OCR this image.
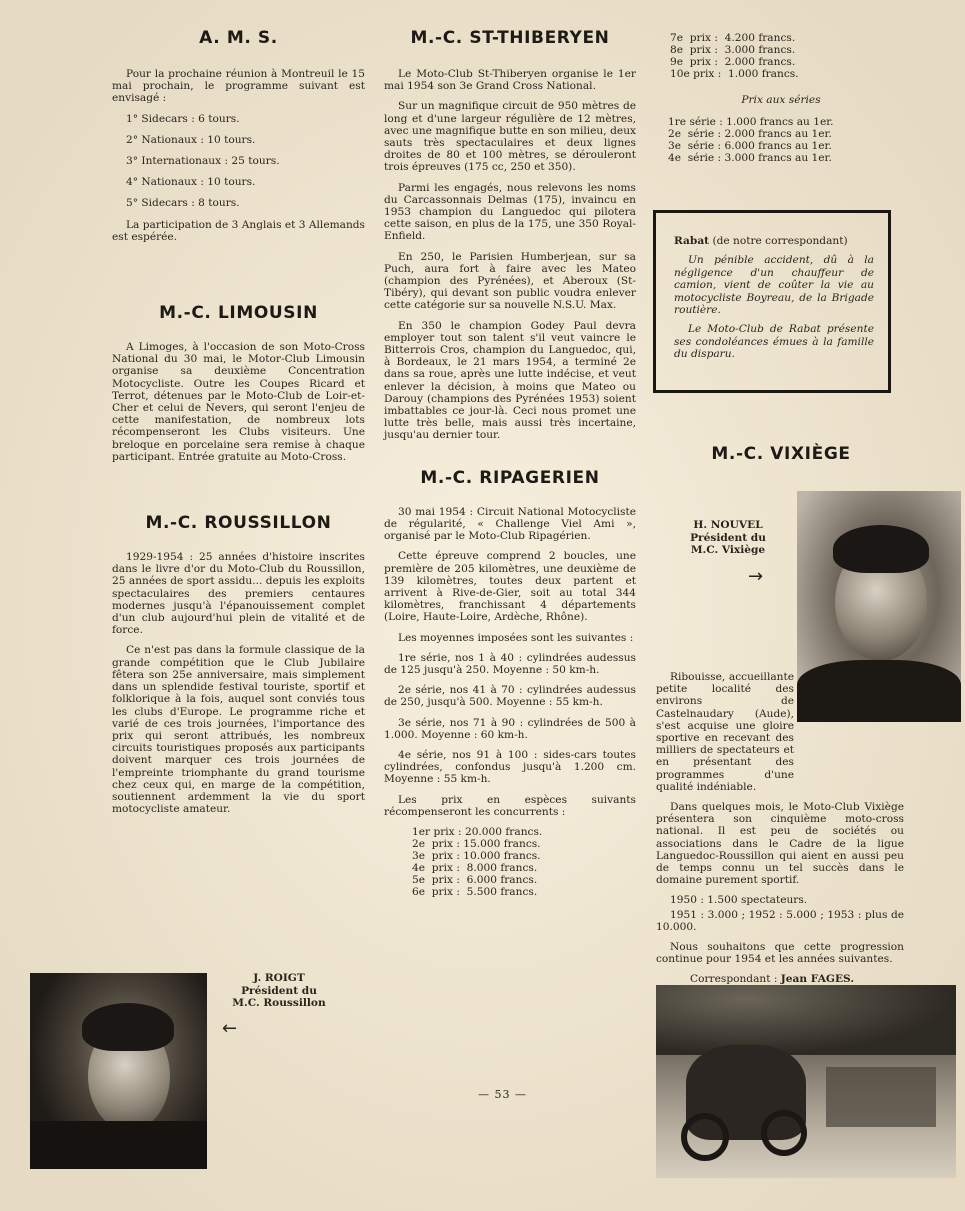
A. M. S.

Pour la prochaine réunion à Montreuil le 15 mai prochain, le programme suivant est envisagé :

1° Sidecars : 6 tours.

2° Nationaux : 10 tours.

3° Internationaux : 25 tours.

4° Nationaux : 10 tours.

5° Sidecars : 8 tours.

La participation de 3 Anglais et 3 Allemands est espérée.

M.-C. LIMOUSIN

A Limoges, à l'occasion de son Moto-Cross National du 30 mai, le Motor-Club Limousin organise sa deuxième Concentration Motocycliste. Outre les Coupes Ricard et Terrot, détenues par le Moto-Club de Loir-et-Cher et celui de Nevers, qui seront l'enjeu de cette manifestation, de nombreux lots récompenseront les Clubs visiteurs. Une breloque en porcelaine sera remise à chaque participant. Entrée gratuite au Moto-Cross.

M.-C. ROUSSILLON

1929-1954 : 25 années d'histoire inscrites dans le livre d'or du Moto-Club du Roussillon, 25 années de sport assidu... depuis les exploits spectaculaires des premiers centaures modernes jusqu'à l'épanouissement complet d'un club aujourd'hui plein de vitalité et de force.

Ce n'est pas dans la formule classique de la grande compétition que le Club Jubilaire fêtera son 25e anniversaire, mais simplement dans un splendide festival touriste, sportif et folklorique à la fois, auquel sont conviés tous les clubs d'Europe. Le programme riche et varié de ces trois journées, l'importance des prix qui seront attribués, les nombreux circuits touristiques proposés aux participants doivent marquer ces trois journées de l'empreinte triomphante du grand tourisme chez ceux qui, en marge de la compétition, soutiennent ardemment la vie du sport motocycliste amateur.

J. ROIGT
Président du
M.C. Roussillon
←
M.-C. ST-THIBERYEN

Le Moto-Club St-Thiberyen organise le 1er mai 1954 son 3e Grand Cross National.

Sur un magnifique circuit de 950 mètres de long et d'une largeur régulière de 12 mètres, avec une magnifique butte en son milieu, deux sauts très spectaculaires et deux lignes droites de 80 et 100 mètres, se dérouleront trois épreuves (175 cc, 250 et 350).

Parmi les engagés, nous relevons les noms du Carcassonnais Delmas (175), invaincu en 1953 champion du Languedoc qui pilotera cette saison, en plus de la 175, une 350 Royal-Enfield.

En 250, le Parisien Humberjean, sur sa Puch, aura fort à faire avec les Mateo (champion des Pyrénées), et Aberoux (St-Tibéry), qui devant son public voudra enlever cette catégorie sur sa nouvelle N.S.U. Max.

En 350 le champion Godey Paul devra employer tout son talent s'il veut vaincre le Bitterrois Cros, champion du Languedoc, qui, à Bordeaux, le 21 mars 1954, a terminé 2e dans sa roue, après une lutte indécise, et veut enlever la décision, à moins que Mateo ou Darouy (champions des Pyrénées 1953) soient imbattables ce jour-là. Ceci nous promet une lutte très belle, mais aussi très incertaine, jusqu'au dernier tour.

M.-C. RIPAGERIEN

30 mai 1954 : Circuit National Motocycliste de régularité, « Challenge Viel Ami », organisé par le Moto-Club Ripagérien.

Cette épreuve comprend 2 boucles, une première de 205 kilomètres, une deuxième de 139 kilomètres, toutes deux partent et arrivent à Rive-de-Gier, soit au total 344 kilomètres, franchissant 4 départements (Loire, Haute-Loire, Ardèche, Rhône).

Les moyennes imposées sont les suivantes :

1re série, nos 1 à 40 : cylindrées audessus de 125 jusqu'à 250. Moyenne : 50 km-h.

2e série, nos 41 à 70 : cylindrées audessus de 250, jusqu'à 500. Moyenne : 55 km-h.

3e série, nos 71 à 90 : cylindrées de 500 à 1.000. Moyenne : 60 km-h.

4e série, nos 91 à 100 : sides-cars toutes cylindrées, confondus jusqu'à 1.200 cm. Moyenne : 55 km-h.

Les prix en espèces suivants récompenseront les concurrents :

1er prix : 20.000 francs.
2e  prix : 15.000 francs.
3e  prix : 10.000 francs.
4e  prix :  8.000 francs.
5e  prix :  6.000 francs.
6e  prix :  5.500 francs.
— 53 —
7e  prix :  4.200 francs.
8e  prix :  3.000 francs.
9e  prix :  2.000 francs.
10e prix :  1.000 francs.

Prix aux séries

1re série : 1.000 francs au 1er.
2e  série : 2.000 francs au 1er.
3e  série : 6.000 francs au 1er.
4e  série : 3.000 francs au 1er.

Rabat (de notre correspondant)

Un pénible accident, dû à la négligence d'un chauffeur de camion, vient de coûter la vie au motocycliste Boyreau, de la Brigade routière.

Le Moto-Club de Rabat présente ses condoléances émues à la famille du disparu.

M.-C. VIXIÈGE
H. NOUVEL
Président du
M.C. Vixiège
→

Ribouisse, accueillante petite localité des environs de Castelnaudary (Aude), s'est acquise une gloire sportive en recevant des milliers de spectateurs et en présentant des programmes d'une qualité indéniable.

Dans quelques mois, le Moto-Club Vixiège présentera son cinquième moto-cross national. Il est peu de sociétés ou associations dans le Cadre de la ligue Languedoc-Roussillon qui aient en aussi peu de temps connu un tel succès dans le domaine purement sportif.

1950 : 1.500 spectateurs.

1951 : 3.000 ; 1952 : 5.000 ; 1953 : plus de 10.000.

Nous souhaitons que cette progression continue pour 1954 et les années suivantes.

Correspondant : Jean FAGES.
